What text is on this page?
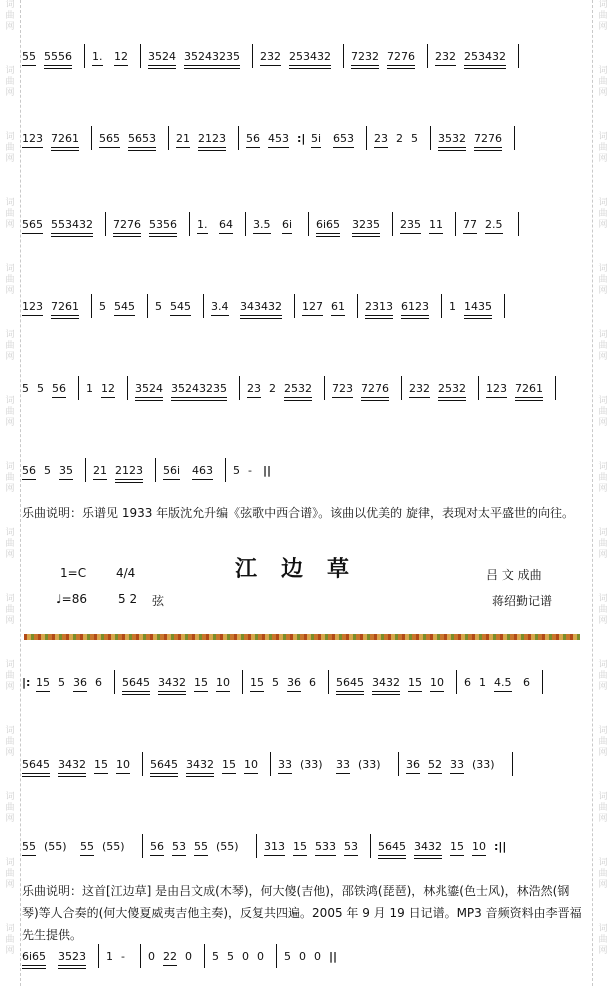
词曲网
词曲网
词曲网
词曲网
词曲网
词曲网
词曲网
词曲网
词曲网
词曲网
词曲网
词曲网
词曲网
词曲网
词曲网
词曲网
词曲网
词曲网
词曲网
词曲网
词曲网
词曲网
词曲网
词曲网
词曲网
词曲网
词曲网
词曲网
词曲网
词曲网
55 5556 1. 12 3524 35243235 232 253432 7232 7276 232 253432
123 7261 565 5653 21 2123 56 453 :| 5i 653 23 2 5 3532 7276
565 553432 7276 5356 1. 64 3.5 6i 6i65 3235 235 11 77 2.5
123 7261 5 545 5 545 3.4 343432 127 61 2313 6123 1 1435
5 5 56 1 12 3524 35243235 23 2 2532 723 7276 232 2532 123 7261
56 5 35 21 2123 56i 463 5 - ||
乐曲说明：乐谱见 1933 年版沈允升编《弦歌中西合谱》。该曲以优美的 旋律，表现对太平盛世的向往。
江边草
1=C 4/4
♩=86	5 2 弦
吕 文 成曲
蒋绍勤记谱
|: 15 5 36 6 5645 3432 15 10 15 5 36 6 5645 3432 15 10 6 1 4.5 6
5645 3432 15 10 5645 3432 15 10 33 (33) 33 (33) 36 52 33 (33)
55 (55) 55 (55) 56 53 55 (55) 313 15 533 53 5645 3432 15 10 :||
乐曲说明：这首[江边草] 是由吕文成(木琴)，何大傻(吉他)，邵铁鸿(琵琶)，林兆鎏(色士风)，林浩然(钢琴)等人合奏的(何大傻夏威夷吉他主奏)，反复共四遍。2005 年 9 月 19 日记谱。MP3 音频资料由李晋福先生提供。
6i65 3523 1 - 0 22 0 5 5 0 0 5 0 0 ||
